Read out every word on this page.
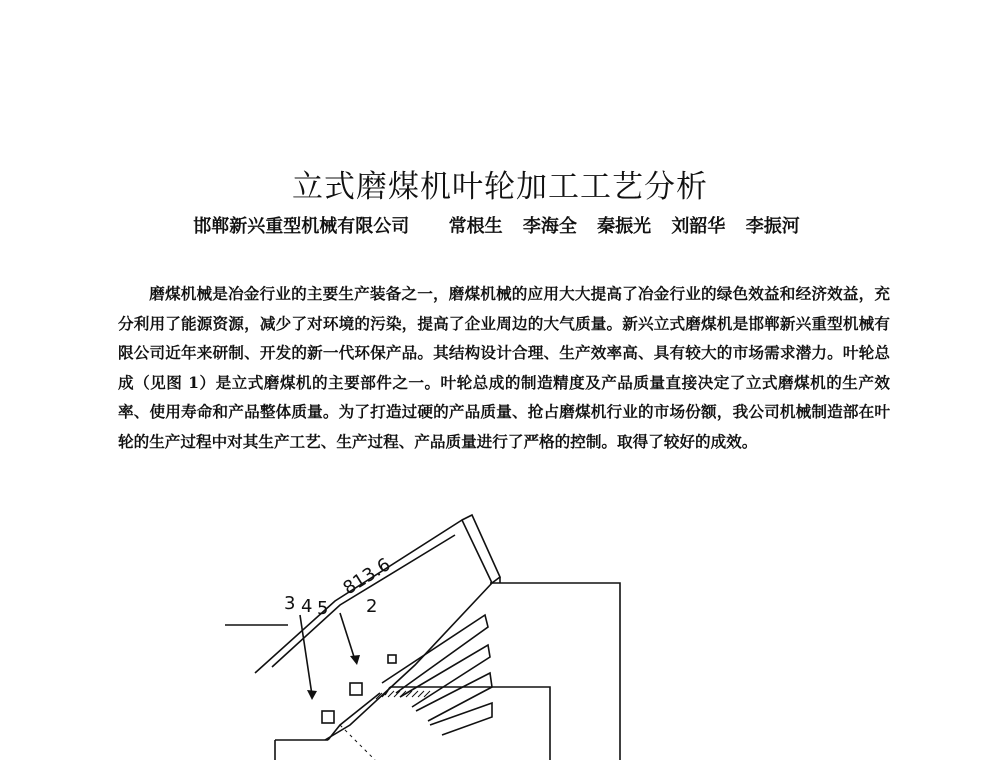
立式磨煤机叶轮加工工艺分析
邯郸新兴重型机械有限公司 常根生 李海全 秦振光 刘韶华 李振河

磨煤机械是冶金行业的主要生产装备之一，磨煤机械的应用大大提高了冶金行业的绿色效益和经济效益，充分利用了能源资源，减少了对环境的污染，提高了企业周边的大气质量。新兴立式磨煤机是邯郸新兴重型机械有限公司近年来研制、开发的新一代环保产品。其结构设计合理、生产效率高、具有较大的市场需求潜力。叶轮总成（见图 1）是立式磨煤机的主要部件之一。叶轮总成的制造精度及产品质量直接决定了立式磨煤机的生产效率、使用寿命和产品整体质量。为了打造过硬的产品质量、抢占磨煤机行业的市场份额，我公司机械制造部在叶轮的生产过程中对其生产工艺、生产过程、产品质量进行了严格的控制。取得了较好的成效。

3 4 5 2
813.6
